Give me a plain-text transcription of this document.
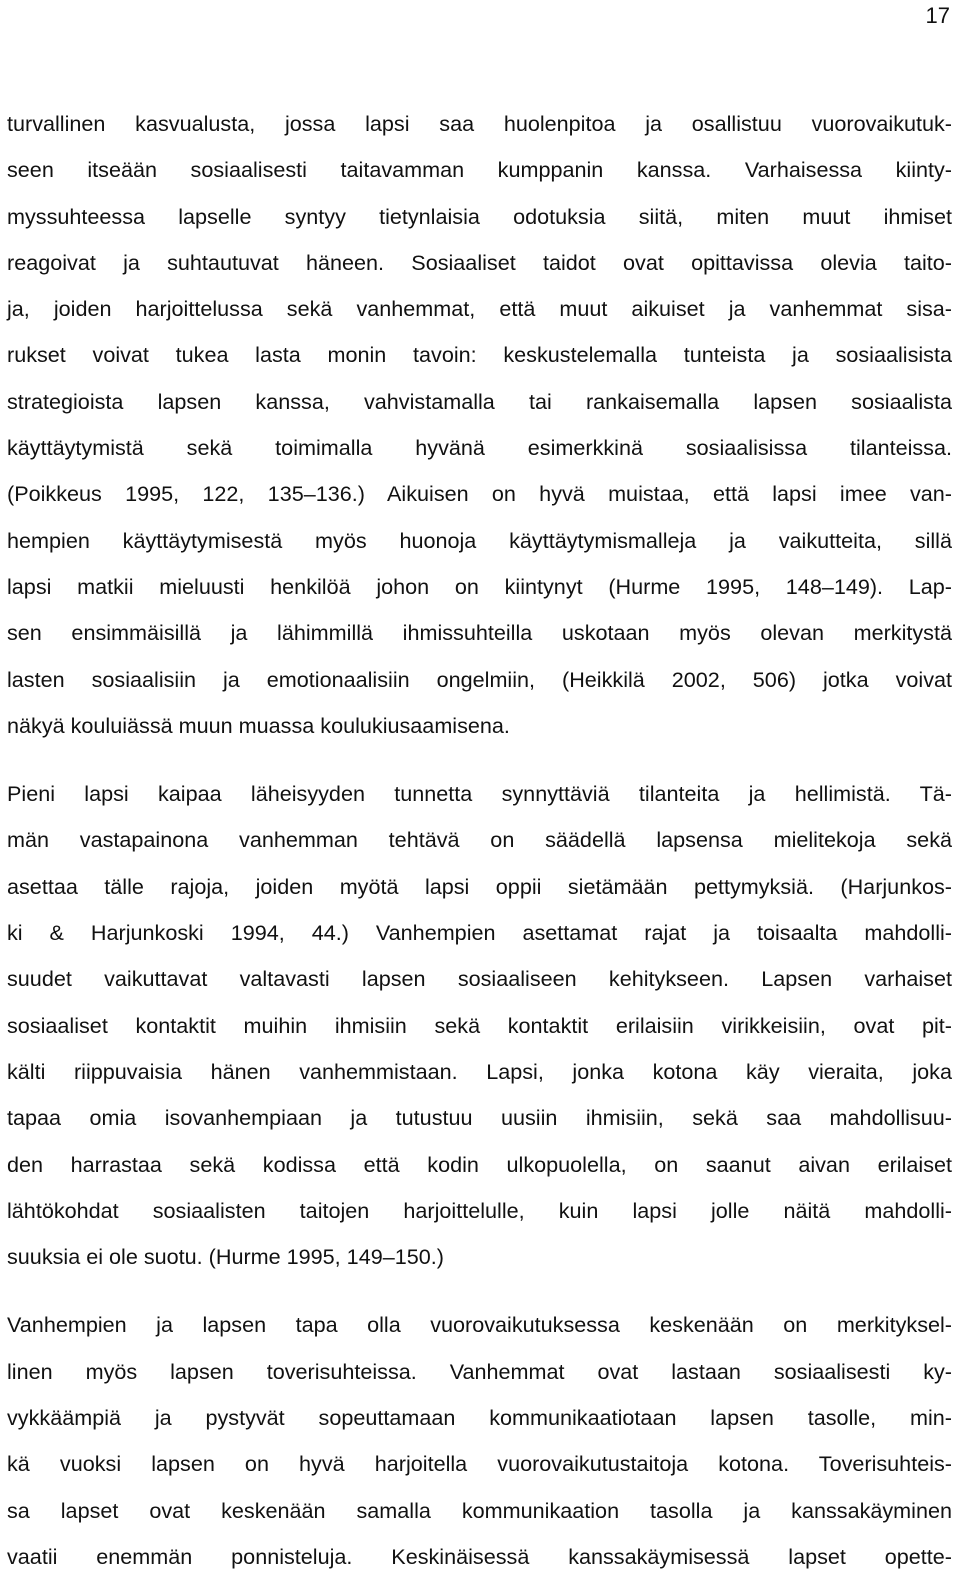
17

turvallinen kasvualusta, jossa lapsi saa huolenpitoa ja osallistuu vuorovaikutuk-
seen itseään sosiaalisesti taitavamman kumppanin kanssa. Varhaisessa kiinty-
myssuhteessa lapselle syntyy tietynlaisia odotuksia siitä, miten muut ihmiset
reagoivat ja suhtautuvat häneen. Sosiaaliset taidot ovat opittavissa olevia taito-
ja, joiden harjoittelussa sekä vanhemmat, että muut aikuiset ja vanhemmat sisa-
rukset voivat tukea lasta monin tavoin: keskustelemalla tunteista ja sosiaalisista
strategioista lapsen kanssa, vahvistamalla tai rankaisemalla lapsen sosiaalista
käyttäytymistä sekä toimimalla hyvänä esimerkkinä sosiaalisissa tilanteissa.
(Poikkeus 1995, 122, 135–136.) Aikuisen on hyvä muistaa, että lapsi imee van-
hempien käyttäytymisestä myös huonoja käyttäytymismalleja ja vaikutteita, sillä
lapsi matkii mieluusti henkilöä johon on kiintynyt (Hurme 1995, 148–149). Lap-
sen ensimmäisillä ja lähimmillä ihmissuhteilla uskotaan myös olevan merkitystä
lasten sosiaalisiin ja emotionaalisiin ongelmiin, (Heikkilä 2002, 506) jotka voivat
näkyä kouluiässä muun muassa koulukiusaamisena.

Pieni lapsi kaipaa läheisyyden tunnetta synnyttäviä tilanteita ja hellimistä. Tä-
män vastapainona vanhemman tehtävä on säädellä lapsensa mielitekoja sekä
asettaa tälle rajoja, joiden myötä lapsi oppii sietämään pettymyksiä. (Harjunkos-
ki & Harjunkoski 1994, 44.) Vanhempien asettamat rajat ja toisaalta mahdolli-
suudet vaikuttavat valtavasti lapsen sosiaaliseen kehitykseen. Lapsen varhaiset
sosiaaliset kontaktit muihin ihmisiin sekä kontaktit erilaisiin virikkeisiin, ovat pit-
kälti riippuvaisia hänen vanhemmistaan. Lapsi, jonka kotona käy vieraita, joka
tapaa omia isovanhempiaan ja tutustuu uusiin ihmisiin, sekä saa mahdollisuu-
den harrastaa sekä kodissa että kodin ulkopuolella, on saanut aivan erilaiset
lähtökohdat sosiaalisten taitojen harjoittelulle, kuin lapsi jolle näitä mahdolli-
suuksia ei ole suotu. (Hurme 1995, 149–150.)

Vanhempien ja lapsen tapa olla vuorovaikutuksessa keskenään on merkityksel-
linen myös lapsen toverisuhteissa. Vanhemmat ovat lastaan sosiaalisesti ky-
vykkäämpiä ja pystyvät sopeuttamaan kommunikaatiotaan lapsen tasolle, min-
kä vuoksi lapsen on hyvä harjoitella vuorovaikutustaitoja kotona. Toverisuhteis-
sa lapset ovat keskenään samalla kommunikaation tasolla ja kanssakäyminen
vaatii enemmän ponnisteluja. Keskinäisessä kanssakäymisessä lapset opette-
